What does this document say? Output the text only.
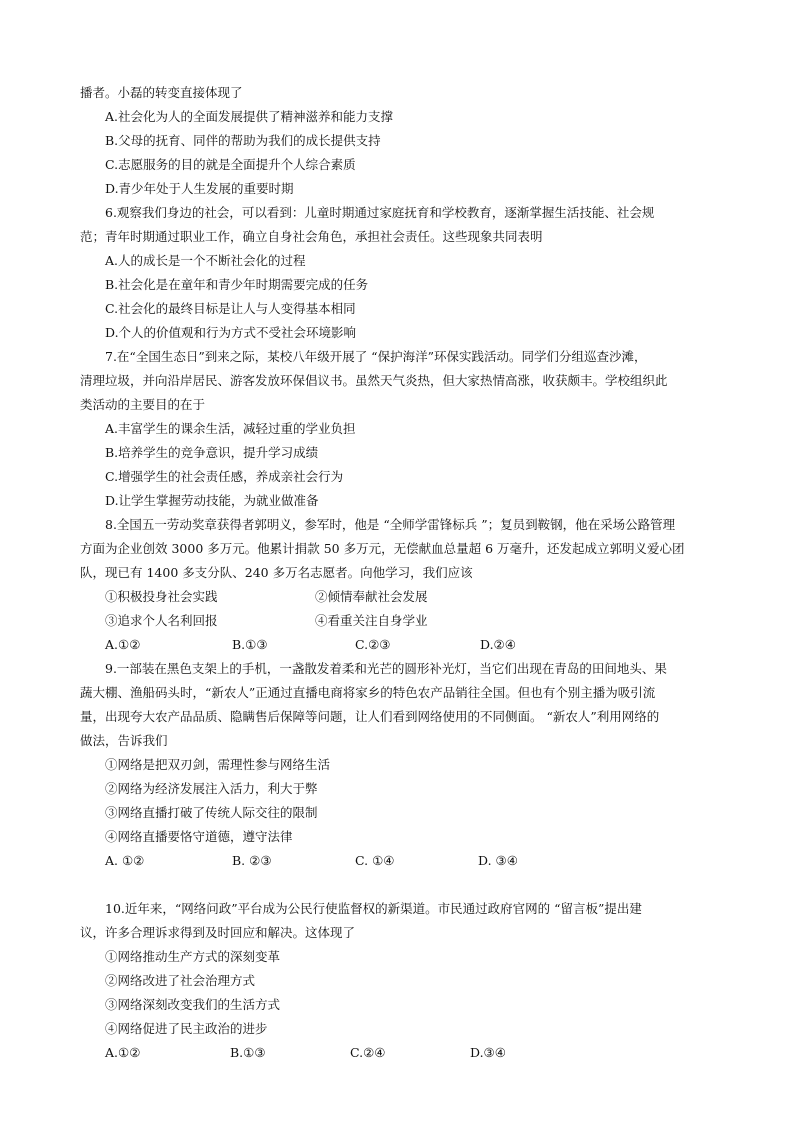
播者。小磊的转变直接体现了
A.社会化为人的全面发展提供了精神滋养和能力支撑
B.父母的抚育、同伴的帮助为我们的成长提供支持
C.志愿服务的目的就是全面提升个人综合素质
D.青少年处于人生发展的重要时期
6.观察我们身边的社会，可以看到：儿童时期通过家庭抚育和学校教育，逐渐掌握生活技能、社会规
范；青年时期通过职业工作，确立自身社会角色，承担社会责任。这些现象共同表明
A.人的成长是一个不断社会化的过程
B.社会化是在童年和青少年时期需要完成的任务
C.社会化的最终目标是让人与人变得基本相同
D.个人的价值观和行为方式不受社会环境影响
7.在“全国生态日”到来之际，某校八年级开展了 “保护海洋”环保实践活动。同学们分组巡查沙滩，
清理垃圾，并向沿岸居民、游客发放环保倡议书。虽然天气炎热，但大家热情高涨，收获颇丰。学校组织此
类活动的主要目的在于
A.丰富学生的课余生活，减轻过重的学业负担
B.培养学生的竞争意识，提升学习成绩
C.增强学生的社会责任感，养成亲社会行为
D.让学生掌握劳动技能，为就业做准备
8.全国五一劳动奖章获得者郭明义，参军时，他是 “全师学雷锋标兵 ”；复员到鞍钢，他在采场公路管理
方面为企业创效 3000 多万元。他累计捐款 50 多万元，无偿献血总量超 6 万毫升，还发起成立郭明义爱心团
队，现已有 1400 多支分队、240 多万名志愿者。向他学习，我们应该
9.一部装在黑色支架上的手机，一盏散发着柔和光芒的圆形补光灯，当它们出现在青岛的田间地头、果
蔬大棚、渔船码头时，“新农人”正通过直播电商将家乡的特色农产品销往全国。但也有个别主播为吸引流
量，出现夸大农产品品质、隐瞒售后保障等问题，让人们看到网络使用的不同侧面。 “新农人”利用网络的
做法，告诉我们
①网络是把双刃剑，需理性参与网络生活
②网络为经济发展注入活力，利大于弊
③网络直播打破了传统人际交往的限制
④网络直播要恪守道德，遵守法律
10.近年来，“网络问政”平台成为公民行使监督权的新渠道。市民通过政府官网的 “留言板”提出建
议，许多合理诉求得到及时回应和解决。这体现了
①网络推动生产方式的深刻变革
②网络改进了社会治理方式
③网络深刻改变我们的生活方式
④网络促进了民主政治的进步
①积极投身社会实践	②倾情奉献社会发展
③追求个人名利回报	④看重关注自身学业
A.①②	B.①③	C.②③	D.②④
A. ①②	B. ②③	C. ①④	D. ③④
A.①②	B.①③	C.②④	D.③④
